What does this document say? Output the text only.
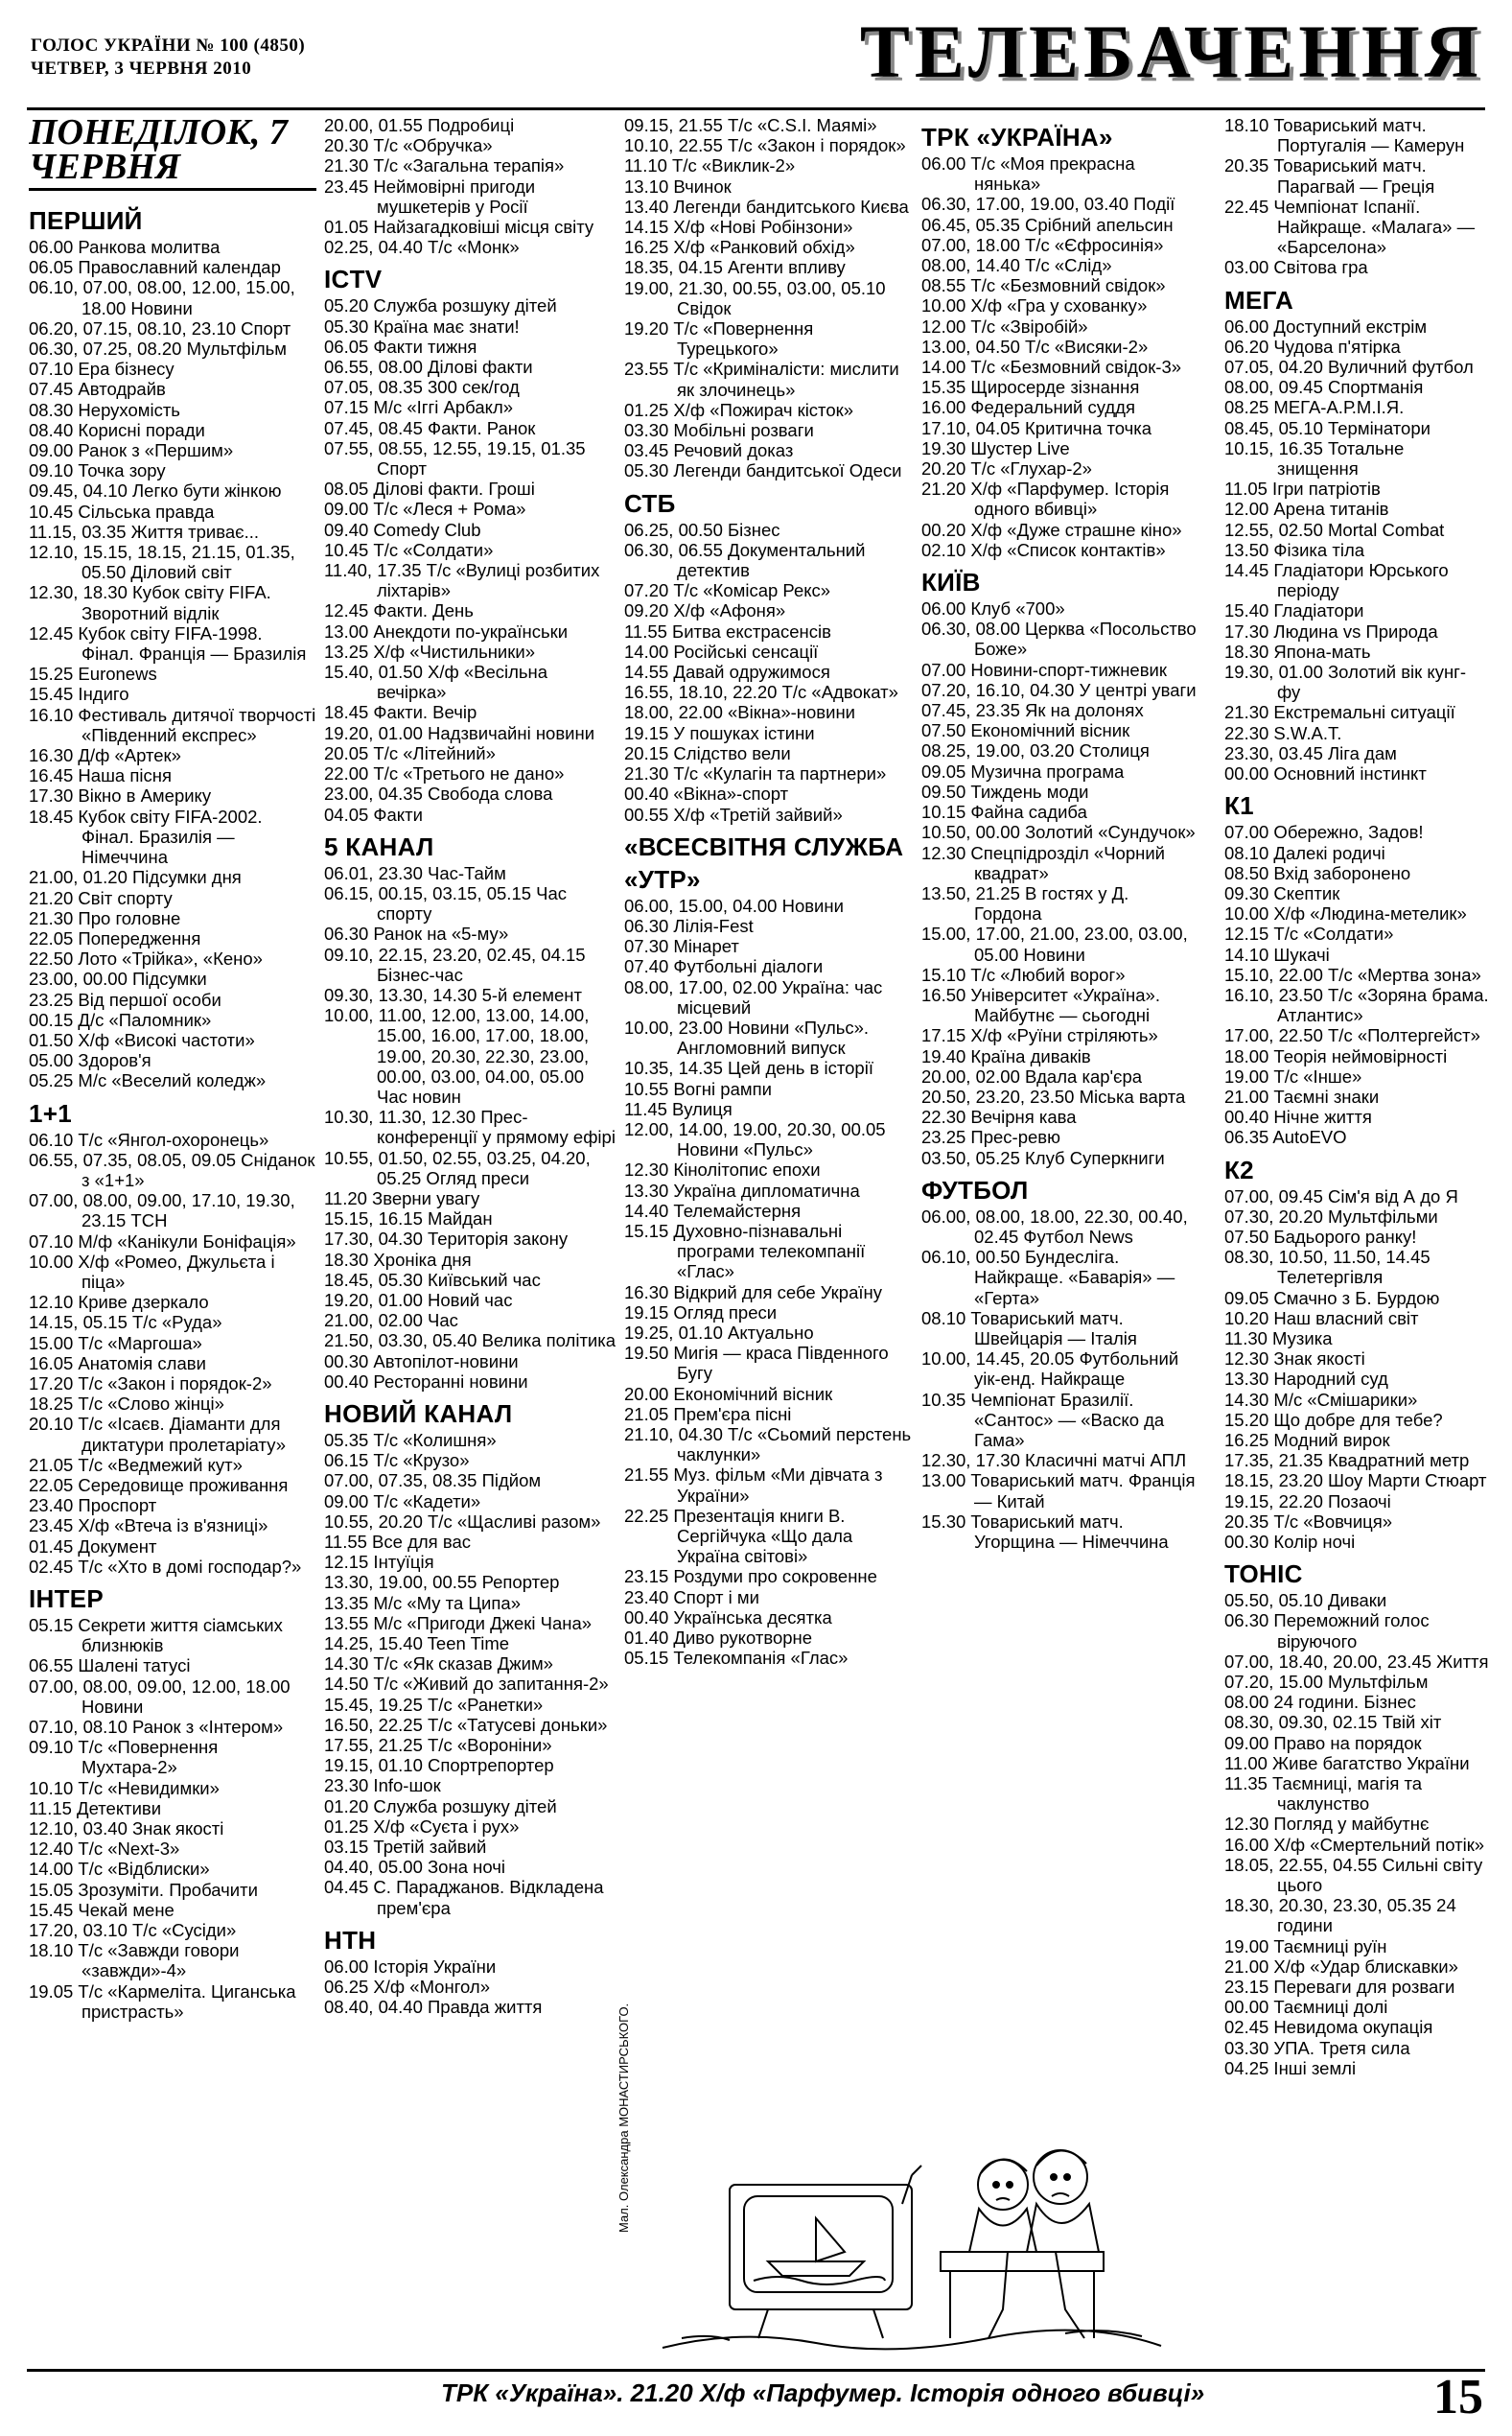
ГОЛОС УКРАЇНИ № 100 (4850)
ЧЕТВЕР, 3 ЧЕРВНЯ 2010	ТЕЛЕБАЧЕННЯ
ПОНЕДІЛОК, 7 ЧЕРВНЯ
ПЕРШИЙ
06.00 Ранкова молитва
06.05 Православний календар
06.10, 07.00, 08.00, 12.00, 15.00, 18.00 Новини
06.20, 07.15, 08.10, 23.10 Спорт
06.30, 07.25, 08.20 Мультфільм
07.10 Ера бізнесу
07.45 Автодрайв
08.30 Нерухомість
08.40 Корисні поради
09.00 Ранок з «Першим»
09.10 Точка зору
09.45, 04.10 Легко бути жінкою
10.45 Сільська правда
11.15, 03.35 Життя триває...
12.10, 15.15, 18.15, 21.15, 01.35, 05.50 Діловий світ
12.30, 18.30 Кубок світу FIFA. Зворотний відлік
12.45 Кубок світу FIFA-1998. Фінал. Франція — Бразилія
15.25 Euronews
15.45 Індиго
16.10 Фестиваль дитячої творчості «Південний експрес»
16.30 Д/ф «Артек»
16.45 Наша пісня
17.30 Вікно в Америку
18.45 Кубок світу FIFA-2002. Фінал. Бразилія — Німеччина
21.00, 01.20 Підсумки дня
21.20 Світ спорту
21.30 Про головне
22.05 Попередження
22.50 Лото «Трійка», «Кено»
23.00, 00.00 Підсумки
23.25 Від першої особи
00.15 Д/с «Паломник»
01.50 Х/ф «Високі частоти»
05.00 Здоров'я
05.25 М/с «Веселий коледж»
1+1
06.10 Т/с «Янгол-охоронець»
06.55, 07.35, 08.05, 09.05 Сніданок з «1+1»
07.00, 08.00, 09.00, 17.10, 19.30, 23.15 ТСН
07.10 М/ф «Канікули Боніфація»
10.00 Х/ф «Ромео, Джульєта і піца»
12.10 Криве дзеркало
14.15, 05.15 Т/с «Руда»
15.00 Т/с «Маргоша»
16.05 Анатомія слави
17.20 Т/с «Закон і порядок-2»
18.25 Т/с «Слово жінці»
20.10 Т/с «Ісаєв. Діаманти для диктатури пролетаріату»
21.05 Т/с «Ведмежий кут»
22.05 Середовище проживання
23.40 Проспорт
23.45 Х/ф «Втеча із в'язниці»
01.45 Документ
02.45 Т/с «Хто в домі господар?»
ІНТЕР
05.15 Секрети життя сіамських близнюків
06.55 Шалені татусі
07.00, 08.00, 09.00, 12.00, 18.00 Новини
07.10, 08.10 Ранок з «Інтером»
09.10 Т/с «Повернення Мухтара-2»
10.10 Т/с «Невидимки»
11.15 Детективи
12.10, 03.40 Знак якості
12.40 Т/с «Next-3»
14.00 Т/с «Відблиски»
15.05 Зрозуміти. Пробачити
15.45 Чекай мене
17.20, 03.10 Т/с «Сусіди»
18.10 Т/с «Завжди говори «завжди»-4»
19.05 Т/с «Кармеліта. Циганська пристрасть»
20.00, 01.55 Подробиці
20.30 Т/с «Обручка»
21.30 Т/с «Загальна терапія»
23.45 Неймовірні пригоди мушкетерів у Росії
01.05 Найзагадковіші місця світу
02.25, 04.40 Т/с «Монк»
ICTV
05.20 Служба розшуку дітей
05.30 Країна має знати!
06.05 Факти тижня
06.55, 08.00 Ділові факти
07.05, 08.35 300 сек/год
07.15 М/с «Іггі Арбакл»
07.45, 08.45 Факти. Ранок
07.55, 08.55, 12.55, 19.15, 01.35 Спорт
08.05 Ділові факти. Гроші
09.00 Т/с «Леся + Рома»
09.40 Comedy Club
10.45 Т/с «Солдати»
11.40, 17.35 Т/с «Вулиці розбитих ліхтарів»
12.45 Факти. День
13.00 Анекдоти по-українськи
13.25 Х/ф «Чистильники»
15.40, 01.50 Х/ф «Весільна вечірка»
18.45 Факти. Вечір
19.20, 01.00 Надзвичайні новини
20.05 Т/с «Літейний»
22.00 Т/с «Третього не дано»
23.00, 04.35 Свобода слова
04.05 Факти
5 КАНАЛ
06.01, 23.30 Час-Тайм
06.15, 00.15, 03.15, 05.15 Час спорту
06.30 Ранок на «5-му»
09.10, 22.15, 23.20, 02.45, 04.15 Бізнес-час
09.30, 13.30, 14.30 5-й елемент
10.00, 11.00, 12.00, 13.00, 14.00, 15.00, 16.00, 17.00, 18.00, 19.00, 20.30, 22.30, 23.00, 00.00, 03.00, 04.00, 05.00 Час новин
10.30, 11.30, 12.30 Прес-конференції у прямому ефірі
10.55, 01.50, 02.55, 03.25, 04.20, 05.25 Огляд преси
11.20 Зверни увагу
15.15, 16.15 Майдан
17.30, 04.30 Територія закону
18.30 Хроніка дня
18.45, 05.30 Київський час
19.20, 01.00 Новий час
21.00, 02.00 Час
21.50, 03.30, 05.40 Велика політика
00.30 Автопілот-новини
00.40 Ресторанні новини
НОВИЙ КАНАЛ
05.35 Т/с «Колишня»
06.15 Т/с «Крузо»
07.00, 07.35, 08.35 Підйом
09.00 Т/с «Кадети»
10.55, 20.20 Т/с «Щасливі разом»
11.55 Все для вас
12.15 Інтуїція
13.30, 19.00, 00.55 Репортер
13.35 М/с «Му та Ципа»
13.55 М/с «Пригоди Джекі Чана»
14.25, 15.40 Teen Time
14.30 Т/с «Як сказав Джим»
14.50 Т/с «Живий до запитання-2»
15.45, 19.25 Т/с «Ранетки»
16.50, 22.25 Т/с «Татусеві доньки»
17.55, 21.25 Т/с «Вороніни»
19.15, 01.10 Спортрепортер
23.30 Info-шок
01.20 Служба розшуку дітей
01.25 Х/ф «Суєта і рух»
03.15 Третій зайвий
04.40, 05.00 Зона ночі
04.45 С. Параджанов. Відкладена прем'єра
НТН
06.00 Історія України
06.25 Х/ф «Монгол»
08.40, 04.40 Правда життя
09.15, 21.55 Т/с «C.S.I. Маямі»
10.10, 22.55 Т/с «Закон і порядок»
11.10 Т/с «Виклик-2»
13.10 Вчинок
13.40 Легенди бандитського Києва
14.15 Х/ф «Нові Робінзони»
16.25 Х/ф «Ранковий обхід»
18.35, 04.15 Агенти впливу
19.00, 21.30, 00.55, 03.00, 05.10 Свідок
19.20 Т/с «Повернення Турецького»
23.55 Т/с «Криміналісти: мислити як злочинець»
01.25 Х/ф «Пожирач кісток»
03.30 Мобільні розваги
03.45 Речовий доказ
05.30 Легенди бандитської Одеси
СТБ
06.25, 00.50 Бізнес
06.30, 06.55 Документальний детектив
07.20 Т/с «Комісар Рекс»
09.20 Х/ф «Афоня»
11.55 Битва екстрасенсів
14.00 Російські сенсації
14.55 Давай одружимося
16.55, 18.10, 22.20 Т/с «Адвокат»
18.00, 22.00 «Вікна»-новини
19.15 У пошуках істини
20.15 Слідство вели
21.30 Т/с «Кулагін та партнери»
00.40 «Вікна»-спорт
00.55 Х/ф «Третій зайвий»
«ВСЕСВІТНЯ СЛУЖБА «УТР»
06.00, 15.00, 04.00 Новини
06.30 Лілія-Fest
07.30 Мінарет
07.40 Футбольні діалоги
08.00, 17.00, 02.00 Україна: час місцевий
10.00, 23.00 Новини «Пульс». Англомовний випуск
10.35, 14.35 Цей день в історії
10.55 Вогні рампи
11.45 Вулиця
12.00, 14.00, 19.00, 20.30, 00.05 Новини «Пульс»
12.30 Кінолітопис епохи
13.30 Україна дипломатична
14.40 Телемайстерня
15.15 Духовно-пізнавальні програми телекомпанії «Глас»
16.30 Відкрий для себе Україну
19.15 Огляд преси
19.25, 01.10 Актуально
19.50 Мигія — краса Південного Бугу
20.00 Економічний вісник
21.05 Прем'єра пісні
21.10, 04.30 Т/с «Сьомий перстень чаклунки»
21.55 Муз. фільм «Ми дівчата з України»
22.25 Презентація книги В. Сергійчука «Що дала Україна світові»
23.15 Роздуми про сокровенне
23.40 Спорт і ми
00.40 Українська десятка
01.40 Диво рукотворне
05.15 Телекомпанія «Глас»
ТРК «УКРАЇНА»
06.00 Т/с «Моя прекрасна нянька»
06.30, 17.00, 19.00, 03.40 Події
06.45, 05.35 Срібний апельсин
07.00, 18.00 Т/с «Єфросинія»
08.00, 14.40 Т/с «Слід»
08.55 Т/с «Безмовний свідок»
10.00 Х/ф «Гра у схованку»
12.00 Т/с «Звіробій»
13.00, 04.50 Т/с «Висяки-2»
14.00 Т/с «Безмовний свідок-3»
15.35 Щиросерде зізнання
16.00 Федеральний суддя
17.10, 04.05 Критична точка
19.30 Шустер Live
20.20 Т/с «Глухар-2»
21.20 Х/ф «Парфумер. Історія одного вбивці»
00.20 Х/ф «Дуже страшне кіно»
02.10 Х/ф «Список контактів»
КИЇВ
06.00 Клуб «700»
06.30, 08.00 Церква «Посольство Боже»
07.00 Новини-спорт-тижневик
07.20, 16.10, 04.30 У центрі уваги
07.45, 23.35 Як на долонях
07.50 Економічний вісник
08.25, 19.00, 03.20 Столиця
09.05 Музична програма
09.50 Тиждень моди
10.15 Файна садиба
10.50, 00.00 Золотий «Сундучок»
12.30 Спецпідрозділ «Чорний квадрат»
13.50, 21.25 В гостях у Д. Гордона
15.00, 17.00, 21.00, 23.00, 03.00, 05.00 Новини
15.10 Т/с «Любий ворог»
16.50 Університет «Україна». Майбутнє — сьогодні
17.15 Х/ф «Руїни стріляють»
19.40 Країна диваків
20.00, 02.00 Вдала кар'єра
20.50, 23.20, 23.50 Міська варта
22.30 Вечірня кава
23.25 Прес-ревю
03.50, 05.25 Клуб Суперкниги
ФУТБОЛ
06.00, 08.00, 18.00, 22.30, 00.40, 02.45 Футбол News
06.10, 00.50 Бундесліга. Найкраще. «Баварія» — «Герта»
08.10 Товариський матч. Швейцарія — Італія
10.00, 14.45, 20.05 Футбольний уік-енд. Найкраще
10.35 Чемпіонат Бразилії. «Сантос» — «Васко да Гама»
12.30, 17.30 Класичні матчі АПЛ
13.00 Товариський матч. Франція — Китай
15.30 Товариський матч. Угорщина — Німеччина
18.10 Товариський матч. Португалія — Камерун
20.35 Товариський матч. Парагвай — Греція
22.45 Чемпіонат Іспанії. Найкраще. «Малага» — «Барселона»
03.00 Світова гра
МЕГА
06.00 Доступний екстрім
06.20 Чудова п'ятірка
07.05, 04.20 Вуличний футбол
08.00, 09.45 Спортманія
08.25 МЕГА-А.Р.М.І.Я.
08.45, 05.10 Термінатори
10.15, 16.35 Тотальне знищення
11.05 Ігри патріотів
12.00 Арена титанів
12.55, 02.50 Mortal Combat
13.50 Фізика тіла
14.45 Гладіатори Юрського періоду
15.40 Гладіатори
17.30 Людина vs Природа
18.30 Япона-мать
19.30, 01.00 Золотий вік кунг-фу
21.30 Екстремальні ситуації
22.30 S.W.A.T.
23.30, 03.45 Ліга дам
00.00 Основний інстинкт
К1
07.00 Обережно, Задов!
08.10 Далекі родичі
08.50 Вхід заборонено
09.30 Скептик
10.00 Х/ф «Людина-метелик»
12.15 Т/с «Солдати»
14.10 Шукачі
15.10, 22.00 Т/с «Мертва зона»
16.10, 23.50 Т/с «Зоряна брама. Атлантис»
17.00, 22.50 Т/с «Полтергейст»
18.00 Теорія неймовірності
19.00 Т/с «Інше»
21.00 Таємні знаки
00.40 Нічне життя
06.35 AutoEVO
К2
07.00, 09.45 Сім'я від А до Я
07.30, 20.20 Мультфільми
07.50 Бадьорого ранку!
08.30, 10.50, 11.50, 14.45 Телетергівля
09.05 Смачно з Б. Бурдою
10.20 Наш власний світ
11.30 Музика
12.30 Знак якості
13.30 Народний суд
14.30 М/с «Смішарики»
15.20 Що добре для тебе?
16.25 Модний вирок
17.35, 21.35 Квадратний метр
18.15, 23.20 Шоу Марти Стюарт
19.15, 22.20 Позаочі
20.35 Т/с «Вовчиця»
00.30 Колір ночі
ТОНІС
05.50, 05.10 Диваки
06.30 Переможний голос віруючого
07.00, 18.40, 20.00, 23.45 Життя
07.20, 15.00 Мультфільм
08.00 24 години. Бізнес
08.30, 09.30, 02.15 Твій хіт
09.00 Право на порядок
11.00 Живе багатство України
11.35 Таємниці, магія та чаклунство
12.30 Погляд у майбутнє
16.00 Х/ф «Смертельний потік»
18.05, 22.55, 04.55 Сильні світу цього
18.30, 20.30, 23.30, 05.35 24 години
19.00 Таємниці руїн
21.00 Х/ф «Удар блискавки»
23.15 Переваги для розваги
00.00 Таємниці долі
02.45 Невидома окупація
03.30 УПА. Третя сила
04.25 Інші землі
Мал. Олександра МОНАСТИРСЬКОГО.
ТРК «Україна». 21.20 Х/ф «Парфумер. Історія одного вбивці»	15
